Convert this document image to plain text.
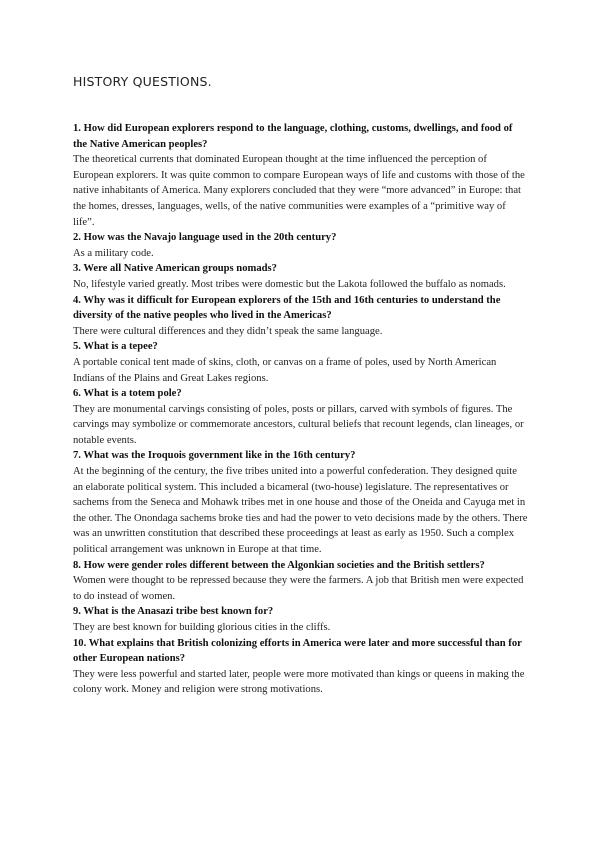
HISTORY QUESTIONS.
1. How did European explorers respond to the language, clothing, customs, dwellings, and food of the Native American peoples?
The theoretical currents that dominated European thought at the time influenced the perception of European explorers. It was quite common to compare European ways of life and customs with those of the native inhabitants of America. Many explorers concluded that they were “more advanced” in Europe: that the homes, dresses, languages, wells, of the native communities were examples of a “primitive way of life”.
2. How was the Navajo language used in the 20th century?
As a military code.
3. Were all Native American groups nomads?
No, lifestyle varied greatly. Most tribes were domestic but the Lakota followed the buffalo as nomads.
4. Why was it difficult for European explorers of the 15th and 16th centuries to understand the diversity of the native peoples who lived in the Americas?
There were cultural differences and they didn’t speak the same language.
5. What is a tepee?
A portable conical tent made of skins, cloth, or canvas on a frame of poles, used by North American Indians of the Plains and Great Lakes regions.
6. What is a totem pole?
They are monumental carvings consisting of poles, posts or pillars, carved with symbols of figures. The carvings may symbolize or commemorate ancestors, cultural beliefs that recount legends, clan lineages, or notable events.
7. What was the Iroquois government like in the 16th century?
At the beginning of the century, the five tribes united into a powerful confederation. They designed quite an elaborate political system. This included a bicameral (two-house) legislature. The representatives or sachems from the Seneca and Mohawk tribes met in one house and those of the Oneida and Cayuga met in the other. The Onondaga sachems broke ties and had the power to veto decisions made by the others. There was an unwritten constitution that described these proceedings at least as early as 1950. Such a complex political arrangement was unknown in Europe at that time.
8. How were gender roles different between the Algonkian societies and the British settlers?
Women were thought to be repressed because they were the farmers. A job that British men were expected to do instead of women.
9. What is the Anasazi tribe best known for?
They are best known for building glorious cities in the cliffs.
10. What explains that British colonizing efforts in America were later and more successful than for other European nations?
They were less powerful and started later, people were more motivated than kings or queens in making the colony work. Money and religion were strong motivations.
